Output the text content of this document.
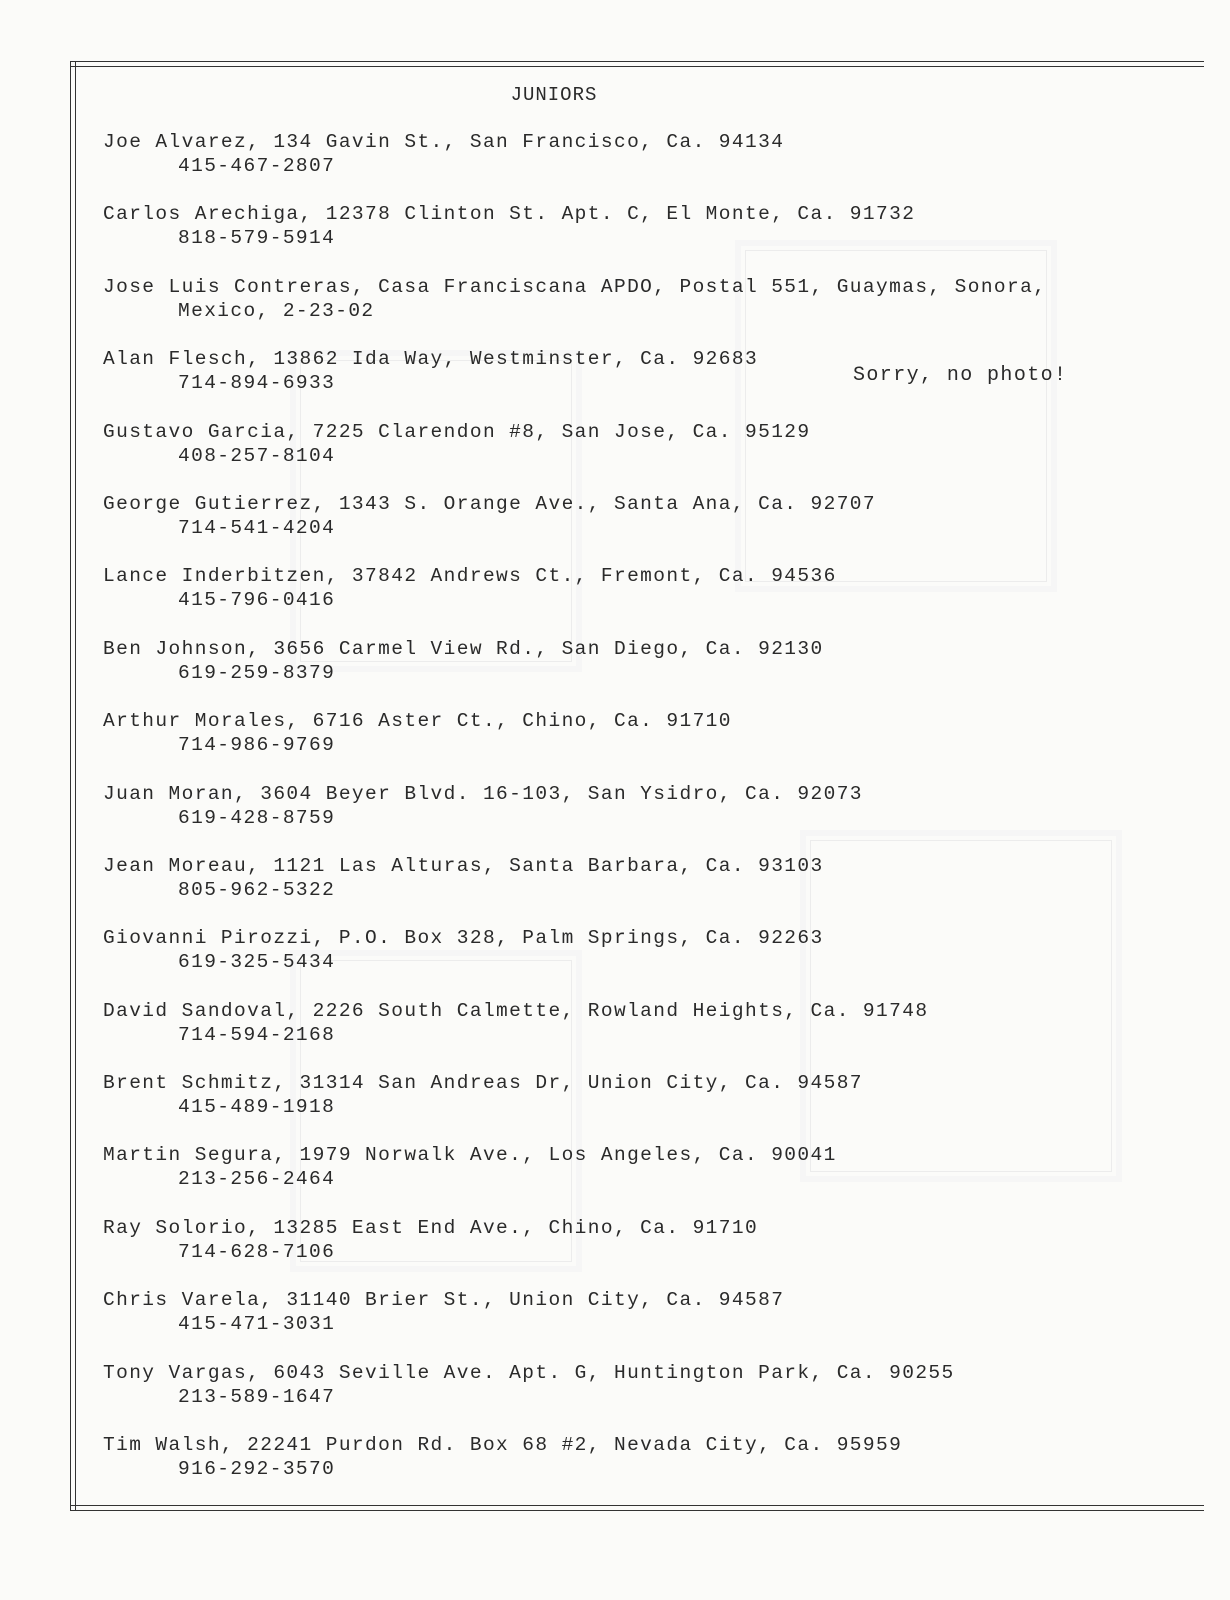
JUNIORS
Sorry, no photo!
Joe Alvarez, 134 Gavin St., San Francisco, Ca. 94134
415-467-2807
Carlos Arechiga, 12378 Clinton St. Apt. C, El Monte, Ca. 91732
818-579-5914
Jose Luis Contreras, Casa Franciscana APDO, Postal 551, Guaymas, Sonora,
Mexico, 2-23-02
Alan Flesch, 13862 Ida Way, Westminster, Ca. 92683
714-894-6933
Gustavo Garcia, 7225 Clarendon #8, San Jose, Ca. 95129
408-257-8104
George Gutierrez, 1343 S. Orange Ave., Santa Ana, Ca. 92707
714-541-4204
Lance Inderbitzen, 37842 Andrews Ct., Fremont, Ca. 94536
415-796-0416
Ben Johnson, 3656 Carmel View Rd., San Diego, Ca. 92130
619-259-8379
Arthur Morales, 6716 Aster Ct., Chino, Ca. 91710
714-986-9769
Juan Moran, 3604 Beyer Blvd. 16-103, San Ysidro, Ca. 92073
619-428-8759
Jean Moreau, 1121 Las Alturas, Santa Barbara, Ca. 93103
805-962-5322
Giovanni Pirozzi, P.O. Box 328, Palm Springs, Ca. 92263
619-325-5434
David Sandoval, 2226 South Calmette, Rowland Heights, Ca. 91748
714-594-2168
Brent Schmitz, 31314 San Andreas Dr, Union City, Ca. 94587
415-489-1918
Martin Segura, 1979 Norwalk Ave., Los Angeles, Ca. 90041
213-256-2464
Ray Solorio, 13285 East End Ave., Chino, Ca. 91710
714-628-7106
Chris Varela, 31140 Brier St., Union City, Ca. 94587
415-471-3031
Tony Vargas, 6043 Seville Ave. Apt. G, Huntington Park, Ca. 90255
213-589-1647
Tim Walsh, 22241 Purdon Rd. Box 68 #2, Nevada City, Ca. 95959
916-292-3570
